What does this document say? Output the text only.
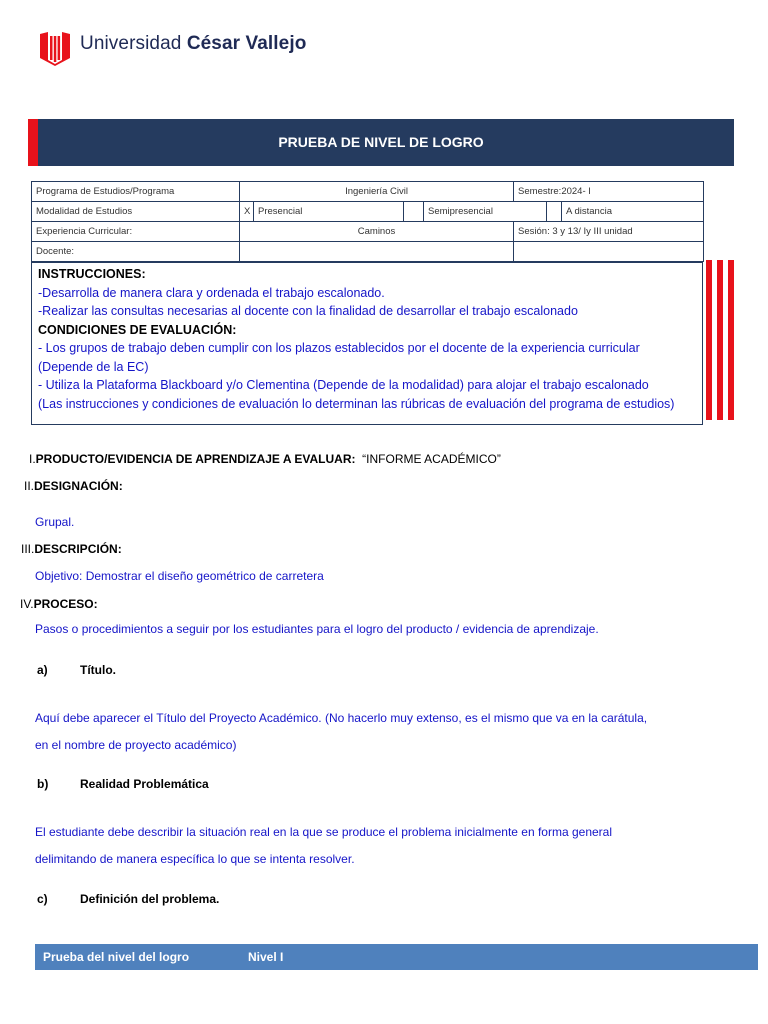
Universidad César Vallejo
PRUEBA DE NIVEL DE LOGRO
Programa de Estudios/Programa	Ingeniería Civil				Semestre:2024- I		
Modalidad de Estudios	X	Presencial		Semipresencial			A distancia
Experiencia Curricular:	Caminos				Sesión: 3 y 13/ Iy III unidad		
Docente:							
INSTRUCCIONES:
-Desarrolla de manera clara y ordenada el trabajo escalonado.
-Realizar las consultas necesarias al docente con la finalidad de desarrollar el trabajo escalonado
CONDICIONES DE EVALUACIÓN:
- Los grupos de trabajo deben cumplir con los plazos establecidos por el docente de la experiencia curricular
(Depende de la EC)
- Utiliza la Plataforma Blackboard y/o Clementina (Depende de la modalidad) para alojar el trabajo escalonado
(Las instrucciones y condiciones de evaluación lo determinan las rúbricas de evaluación del programa de estudios)
I.PRODUCTO/EVIDENCIA DE APRENDIZAJE A EVALUAR: “INFORME ACADÉMICO”
II.DESIGNACIÓN:
Grupal.
III.DESCRIPCIÓN:
Objetivo: Demostrar el diseño geométrico de carretera
IV.PROCESO:
Pasos o procedimientos a seguir por los estudiantes para el logro del producto / evidencia de aprendizaje.
a)	Título.
Aquí debe aparecer el Título del Proyecto Académico. (No hacerlo muy extenso, es el mismo que va en la carátula,
en el nombre de proyecto académico)
b)	Realidad Problemática
El estudiante debe describir la situación real en la que se produce el problema inicialmente en forma general
delimitando de manera específica lo que se intenta resolver.
c)	Definición del problema.
Prueba del nivel del logro	Nivel I
